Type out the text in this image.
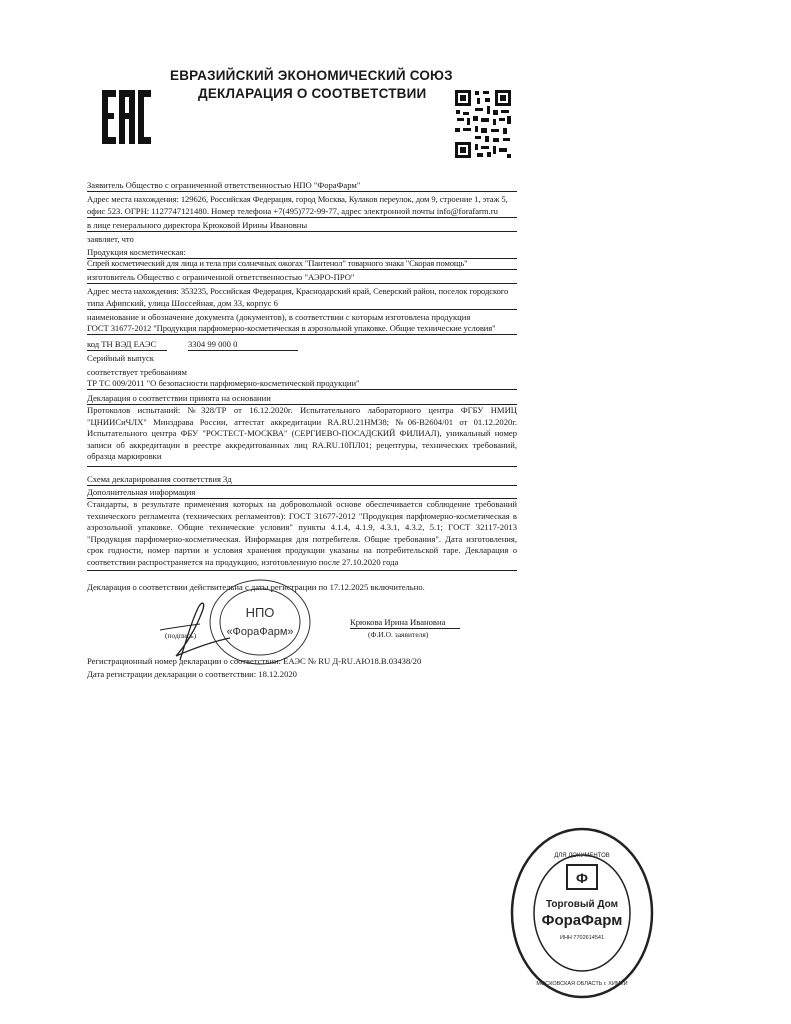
ЕВРАЗИЙСКИЙ ЭКОНОМИЧЕСКИЙ СОЮЗ
ДЕКЛАРАЦИЯ О СООТВЕТСТВИИ
Заявитель Общество с ограниченной ответственностью НПО "ФораФарм"
Адрес места нахождения: 129626, Российская Федерация, город Москва, Кулаков переулок, дом 9, строение 1, этаж 5,
офис 523. ОГРН: 1127747121480. Номер телефона +7(495)772-99-77, адрес электронной почты info@forafarm.ru
в лице генерального директора Крюковой Ирины Ивановны
заявляет, что
Продукция косметическая:
Спрей косметический для лица и тела при солнечных ожогах "Пантенол" товарного знака "Скорая помощь"
изготовитель Общество с ограниченной ответственностью "АЭРО-ПРО"
Адрес места нахождения: 353235, Российская Федерация, Краснодарский край, Северский район, поселок городского
типа Афипский, улица Шоссейная, дом 33, корпус 6
наименование и обозначение документа (документов), в соответствии с которым изготовлена продукция
ГОСТ 31677-2012 "Продукция парфюмерно-косметическая в аэрозольной упаковке. Общие технические условия"
код ТН ВЭД ЕАЭС	3304 99 000 0
Серийный выпуск
соответствует требованиям
ТР ТС 009/2011 "О безопасности парфюмерно-косметической продукции"
Декларация о соответствии принята на основании
Протоколов испытаний: №328/ТР от 16.12.2020г. Испытательного лабораторного центра ФГБУ НМИЦ "ЦНИИСиЧЛХ" Минздрава России, аттестат аккредитации RA.RU.21НМ38; №06-В2604/01 от 01.12.2020г. Испытательного центра ФБУ "РОСТЕСТ-МОСКВА" (СЕРГИЕВО-ПОСАДСКИЙ ФИЛИАЛ), уникальный номер записи об аккредитации в реестре аккредитованных лиц RA.RU.10ПЛ01; рецептуры, технических требований, образца маркировки
Схема декларирования соответствия 3д
Дополнительная информация
Стандарты, в результате применения которых на добровольной основе обеспечивается соблюдение требований технического регламента (технических регламентов): ГОСТ 31677-2012 "Продукция парфюмерно-косметическая в аэрозольной упаковке. Общие технические условия" пункты 4.1.4, 4.1.9, 4.3.1, 4.3.2, 5.1; ГОСТ 32117-2013 "Продукция парфюмерно-косметическая. Информация для потребителя. Общие требования". Дата изготовления, срок годности, номер партии и условия хранения продукции указаны на потребительской таре. Декларация о соответствии распространяется на продукцию, изготовленную после 27.10.2020 года
Декларация о соответствии действительна с даты регистрации по 17.12.2025 включительно.
НПО
«ФораФарм»
(подпись)
Крюкова Ирина Ивановна
(Ф.И.О. заявителя)
Регистрационный номер декларации о соответствии: ЕАЭС № RU Д-RU.АЮ18.В.03438/20
Дата регистрации декларации о соответствии: 18.12.2020
Ф
ДЛЯ ДОКУМЕНТОВ
Торговый Дом
ФораФарм
ИНН 7702614541
МОСКОВСКАЯ ОБЛАСТЬ г. ХИМКИ
